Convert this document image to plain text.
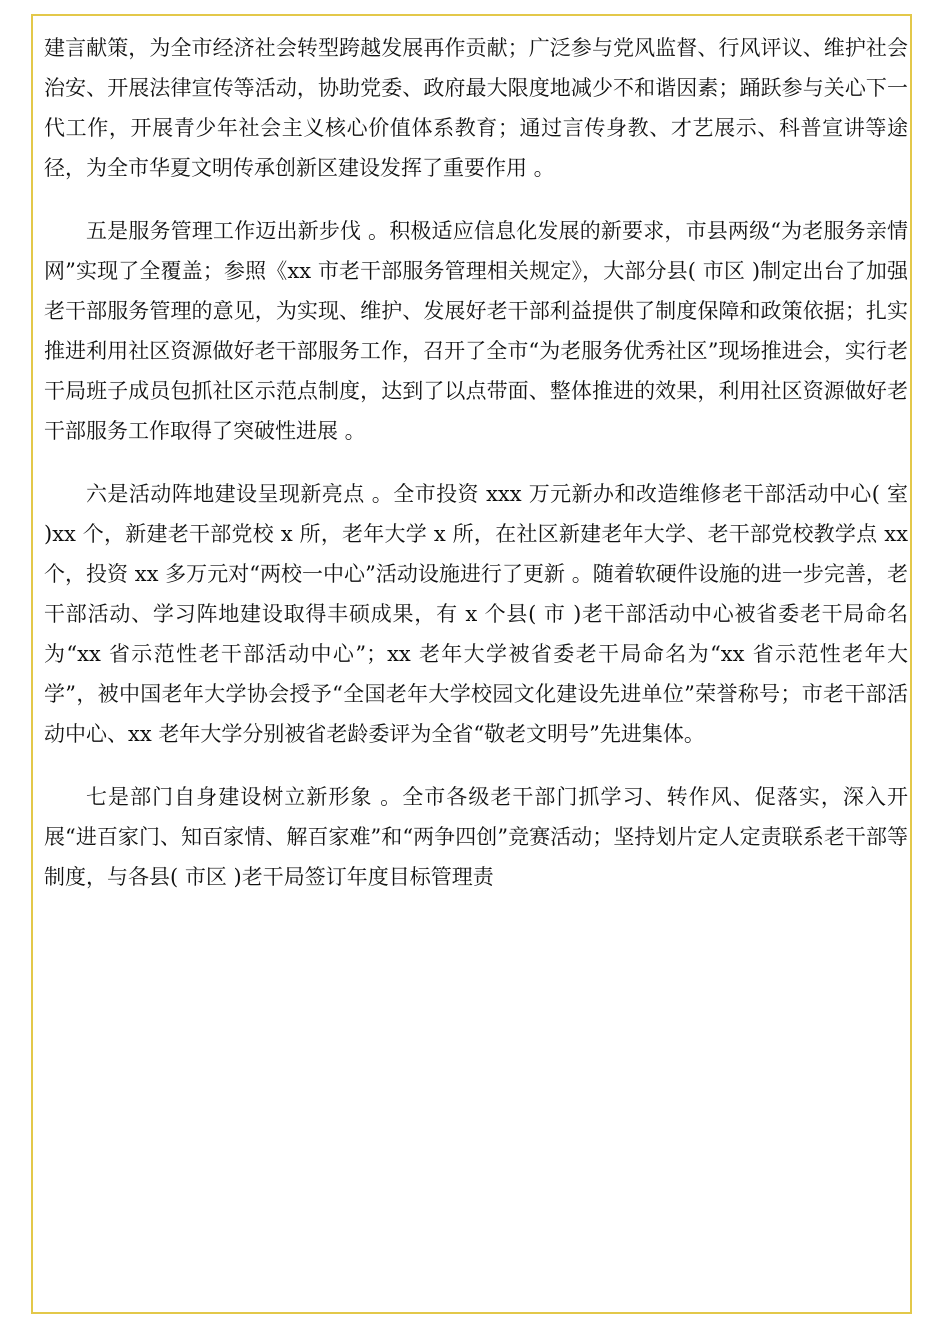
建言献策，为全市经济社会转型跨越发展再作贡献；广泛参与党风监督、行风评议、维护社会治安、开展法律宣传等活动，协助党委、政府最大限度地减少不和谐因素；踊跃参与关心下一代工作，开展青少年社会主义核心价值体系教育；通过言传身教、才艺展示、科普宣讲等途径，为全市华夏文明传承创新区建设发挥了重要作用 。

五是服务管理工作迈出新步伐 。积极适应信息化发展的新要求，市县两级“为老服务亲情网”实现了全覆盖；参照《xx 市老干部服务管理相关规定》，大部分县( 市区 )制定出台了加强老干部服务管理的意见，为实现、维护、发展好老干部利益提供了制度保障和政策依据；扎实推进利用社区资源做好老干部服务工作，召开了全市“为老服务优秀社区”现场推进会，实行老干局班子成员包抓社区示范点制度，达到了以点带面、整体推进的效果，利用社区资源做好老干部服务工作取得了突破性进展 。

六是活动阵地建设呈现新亮点 。全市投资 xxx 万元新办和改造维修老干部活动中心( 室 )xx 个，新建老干部党校 x 所，老年大学 x 所，在社区新建老年大学、老干部党校教学点 xx 个，投资 xx 多万元对“两校一中心”活动设施进行了更新 。随着软硬件设施的进一步完善，老干部活动、学习阵地建设取得丰硕成果，有 x 个县( 市 )老干部活动中心被省委老干局命名为“xx 省示范性老干部活动中心”；xx 老年大学被省委老干局命名为“xx 省示范性老年大学”，被中国老年大学协会授予“全国老年大学校园文化建设先进单位”荣誉称号；市老干部活动中心、xx 老年大学分别被省老龄委评为全省“敬老文明号”先进集体。

七是部门自身建设树立新形象 。全市各级老干部门抓学习、转作风、促落实，深入开展“进百家门、知百家情、解百家难”和“两争四创”竞赛活动；坚持划片定人定责联系老干部等制度，与各县( 市区 )老干局签订年度目标管理责
